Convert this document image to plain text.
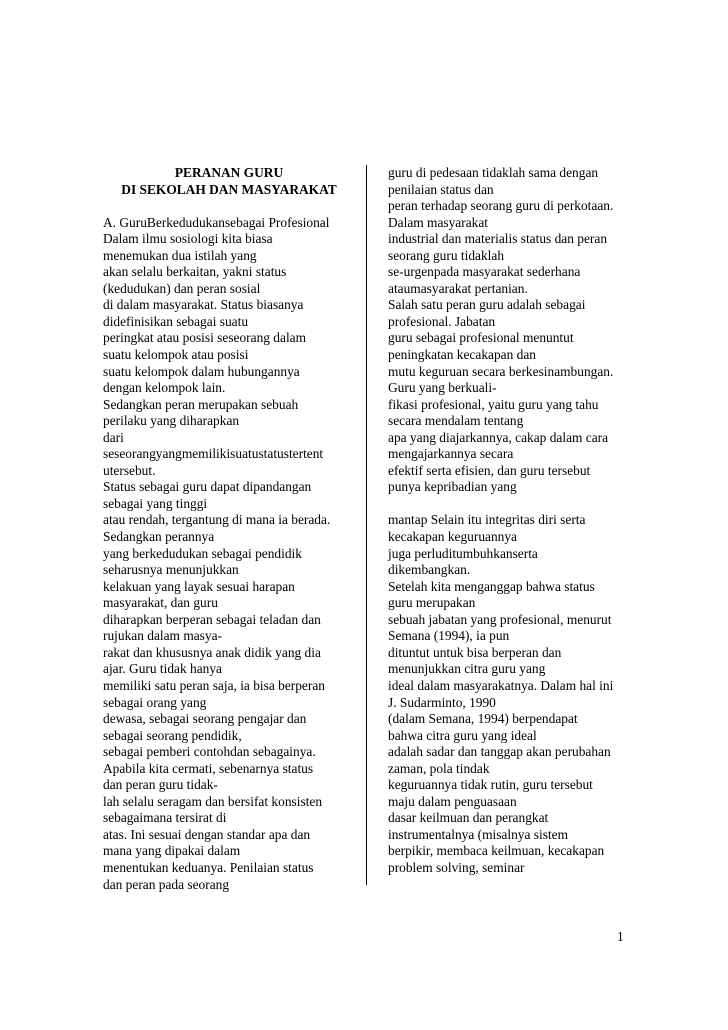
PERANAN GURU
DI SEKOLAH DAN MASYARAKAT
A. GuruBerkedudukansebagai Profesional
Dalam ilmu sosiologi kita biasa
menemukan dua istilah yang
akan selalu berkaitan, yakni status
(kedudukan) dan peran sosial
di dalam masyarakat. Status biasanya
didefinisikan sebagai suatu
peringkat atau posisi seseorang dalam
suatu kelompok atau posisi
suatu kelompok dalam hubungannya
dengan kelompok lain.
Sedangkan peran merupakan sebuah
perilaku yang diharapkan
dari
seseorangyangmemilikisuatustatustertent
utersebut.
Status sebagai guru dapat dipandangan
sebagai yang tinggi
atau rendah, tergantung di mana ia berada.
Sedangkan perannya
yang berkedudukan sebagai pendidik
seharusnya menunjukkan
kelakuan yang layak sesuai harapan
masyarakat, dan guru
diharapkan berperan sebagai teladan dan
rujukan dalam masya-
rakat dan khususnya anak didik yang dia
ajar. Guru tidak hanya
memiliki satu peran saja, ia bisa berperan
sebagai orang yang
dewasa, sebagai seorang pengajar dan
sebagai seorang pendidik,
sebagai pemberi contohdan sebagainya.
Apabila kita cermati, sebenarnya status
dan peran guru tidak-
lah selalu seragam dan bersifat konsisten
sebagaimana tersirat di
atas. Ini sesuai dengan standar apa dan
mana yang dipakai dalam
menentukan keduanya. Penilaian status
dan peran pada seorang
guru di pedesaan tidaklah sama dengan
penilaian status dan
peran terhadap seorang guru di perkotaan.
Dalam masyarakat
industrial dan materialis status dan peran
seorang guru tidaklah
se-urgenpada masyarakat sederhana
ataumasyarakat pertanian.
Salah satu peran guru adalah sebagai
profesional. Jabatan
guru sebagai profesional menuntut
peningkatan kecakapan dan
mutu keguruan secara berkesinambungan.
Guru yang berkuali-
fikasi profesional, yaitu guru yang tahu
secara mendalam tentang
apa yang diajarkannya, cakap dalam cara
mengajarkannya secara
efektif serta efisien, dan guru tersebut
punya kepribadian yang
mantap Selain itu integritas diri serta
kecakapan keguruannya
juga perluditumbuhkanserta
dikembangkan.
Setelah kita menganggap bahwa status
guru merupakan
sebuah jabatan yang profesional, menurut
Semana (1994), ia pun
dituntut untuk bisa berperan dan
menunjukkan citra guru yang
ideal dalam masyarakatnya. Dalam hal ini
J. Sudarminto, 1990
(dalam Semana, 1994) berpendapat
bahwa citra guru yang ideal
adalah sadar dan tanggap akan perubahan
zaman, pola tindak
keguruannya tidak rutin, guru tersebut
maju dalam penguasaan
dasar keilmuan dan perangkat
instrumentalnya (misalnya sistem
berpikir, membaca keilmuan, kecakapan
problem solving, seminar
1
